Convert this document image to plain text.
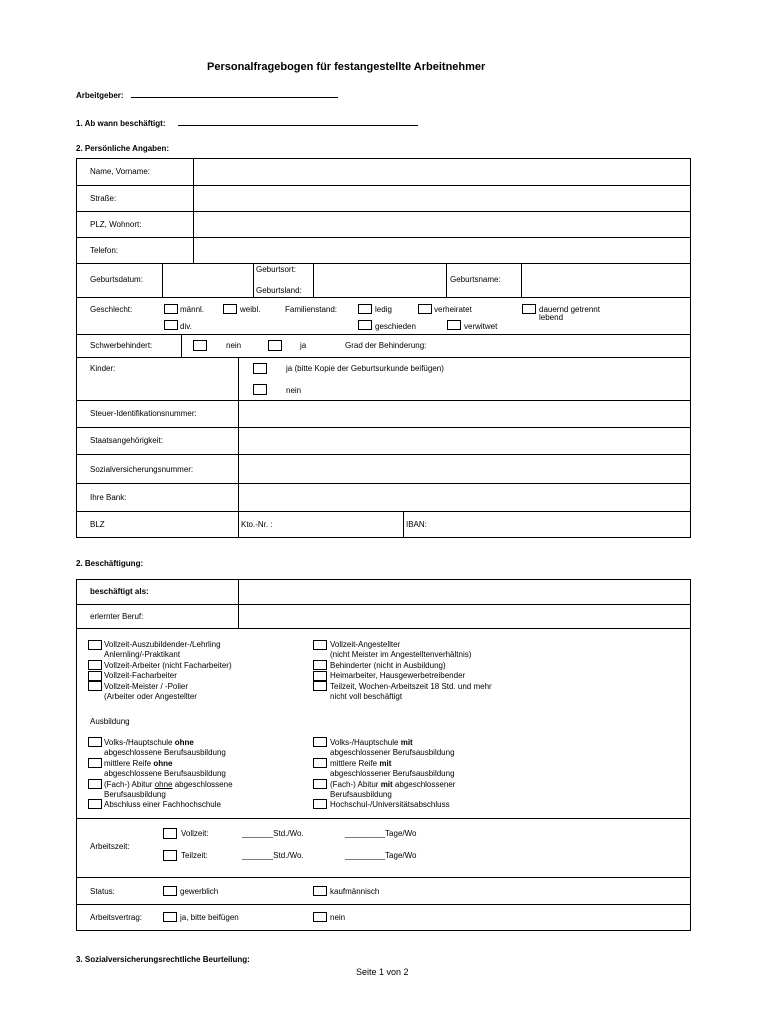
Personalfragebogen für festangestellte Arbeitnehmer
Arbeitgeber:
1. Ab wann beschäftigt:
2. Persönliche Angaben:
Name, Vorname:
Straße:
PLZ, Wohnort:
Telefon:
Geburtsdatum:
Geburtsort:
Geburtsland:
Geburtsname:
Geschlecht:	männl.	weibl.
div.
Familienstand:	ledig	verheiratet	dauernd getrennt
lebend
geschieden	verwitwet
Schwerbehindert:	nein	ja	Grad der Behinderung:
Kinder:	ja (bitte Kopie der Geburtsurkunde beifügen)
nein
Steuer-Identifikationsnummer:
Staatsangehörigkeit:
Sozialversicherungsnummer:
Ihre Bank:
BLZ	Kto.-Nr. :	IBAN:
2. Beschäftigung:
beschäftigt als:
erlernter Beruf:
Vollzeit-Auszubildender-/Lehrling
Anlernling/-Praktikant
Vollzeit-Arbeiter (nicht Facharbeiter)
Vollzeit-Facharbeiter
Vollzeit-Meister / -Polier
(Arbeiter oder Angestellter
Vollzeit-Angestellter
(nicht Meister im Angestelltenverhältnis)
Behinderter (nicht in Ausbildung)
Heimarbeiter, Hausgewerbetreibender
Teilzeit, Wochen-Arbeitszeit 18 Std. und mehr
nicht voll beschäftigt
Ausbildung
Volks-/Hauptschule ohne
abgeschlossene Berufsausbildung
mittlere Reife ohne
abgeschlossene Berufsausbildung
(Fach-) Abitur ohne abgeschlossene
Berufsausbildung
Abschluss einer Fachhochschule
Volks-/Hauptschule mit
abgeschlossener Berufsausbildung
mittlere Reife mit
abgeschlossener Berufsausbildung
(Fach-) Abitur mit abgeschlossener
Berufsausbildung
Hochschul-/Universitätsabschluss
Arbeitszeit:
Vollzeit:	_______Std./Wo.	_________Tage/Wo
Teilzeit:	_______Std./Wo.	_________Tage/Wo
Status:	gewerblich	kaufmännisch
Arbeitsvertrag:	ja, bitte beifügen	nein
3. Sozialversicherungsrechtliche Beurteilung:
Seite 1 von 2
